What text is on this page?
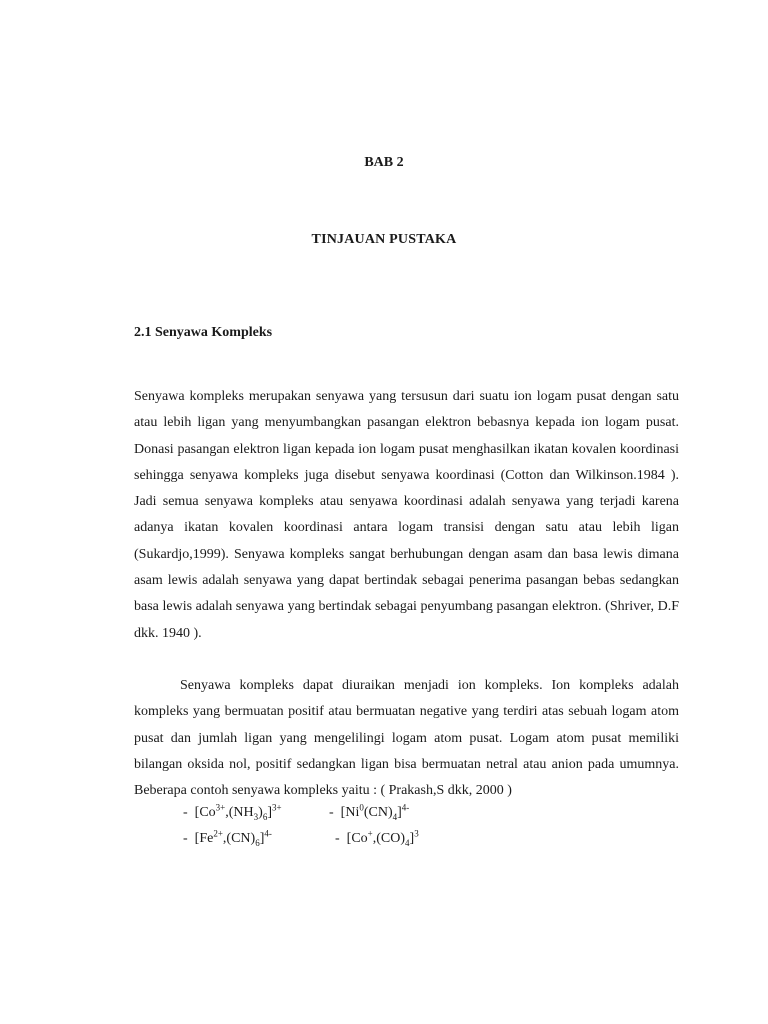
BAB 2
TINJAUAN PUSTAKA
2.1 Senyawa Kompleks

Senyawa kompleks merupakan senyawa yang tersusun dari suatu ion logam pusat dengan satu atau lebih ligan yang menyumbangkan pasangan elektron bebasnya kepada ion logam pusat. Donasi pasangan elektron ligan kepada ion logam pusat menghasilkan ikatan kovalen koordinasi sehingga senyawa kompleks juga disebut senyawa koordinasi (Cotton dan Wilkinson.1984 ). Jadi semua senyawa kompleks atau senyawa koordinasi adalah senyawa yang terjadi karena adanya ikatan kovalen koordinasi antara logam transisi dengan satu atau lebih ligan (Sukardjo,1999). Senyawa kompleks sangat berhubungan dengan asam dan basa lewis dimana asam lewis adalah senyawa yang dapat bertindak sebagai penerima pasangan bebas sedangkan basa lewis adalah senyawa yang bertindak sebagai penyumbang pasangan elektron. (Shriver, D.F dkk. 1940 ).

Senyawa kompleks dapat diuraikan menjadi ion kompleks. Ion kompleks adalah kompleks yang bermuatan positif atau bermuatan negative yang terdiri atas sebuah logam atom pusat dan jumlah ligan yang mengelilingi logam atom pusat. Logam atom pusat memiliki bilangan oksida nol, positif sedangkan ligan bisa bermuatan netral atau anion pada umumnya. Beberapa contoh senyawa kompleks yaitu : ( Prakash,S dkk, 2000 )

- $[Co^{3+},(NH_3)_6]^{3+}$	- $[Ni^0(CN)_4]^{4-}$
- $[Fe^{2+},(CN)_6]^{4-}$	- $[Co^+,(CO)_4]^3$
